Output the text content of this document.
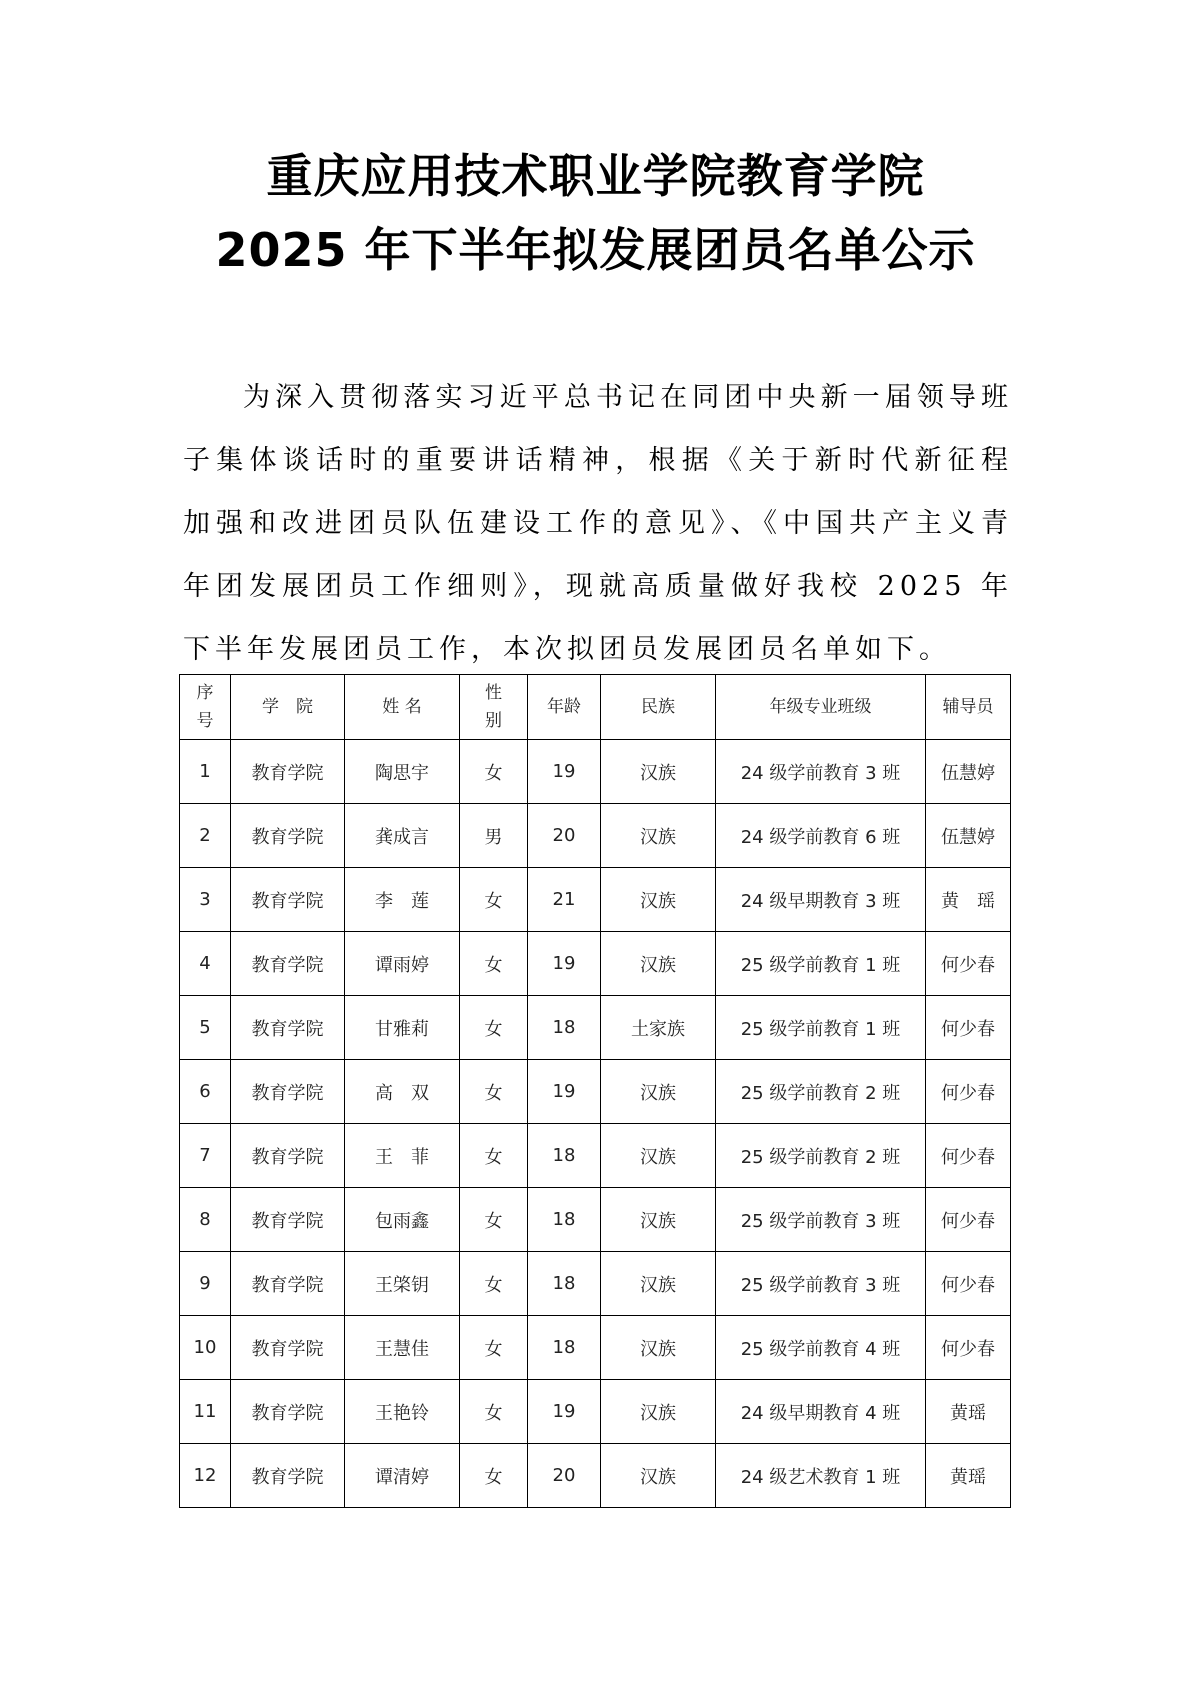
重庆应用技术职业学院教育学院
2025 年下半年拟发展团员名单公示

为深入贯彻落实习近平总书记在同团中央新一届领导班子集体谈话时的重要讲话精神，根据《关于新时代新征程加强和改进团员队伍建设工作的意见》、《中国共产主义青年团发展团员工作细则》，现就高质量做好我校 2025 年下半年发展团员工作，本次拟团员发展团员名单如下。

序号	学　院	姓 名	性别	年龄	民族	年级专业班级	辅导员
1	教育学院	陶思宇	女	19	汉族	24 级学前教育 3 班	伍慧婷
2	教育学院	龚成言	男	20	汉族	24 级学前教育 6 班	伍慧婷
3	教育学院	李　莲	女	21	汉族	24 级早期教育 3 班	黄　瑶
4	教育学院	谭雨婷	女	19	汉族	25 级学前教育 1 班	何少春
5	教育学院	甘雅莉	女	18	土家族	25 级学前教育 1 班	何少春
6	教育学院	高　双	女	19	汉族	25 级学前教育 2 班	何少春
7	教育学院	王　菲	女	18	汉族	25 级学前教育 2 班	何少春
8	教育学院	包雨鑫	女	18	汉族	25 级学前教育 3 班	何少春
9	教育学院	王棨钥	女	18	汉族	25 级学前教育 3 班	何少春
10	教育学院	王慧佳	女	18	汉族	25 级学前教育 4 班	何少春
11	教育学院	王艳铃	女	19	汉族	24 级早期教育 4 班	黄瑶
12	教育学院	谭清婷	女	20	汉族	24 级艺术教育 1 班	黄瑶
